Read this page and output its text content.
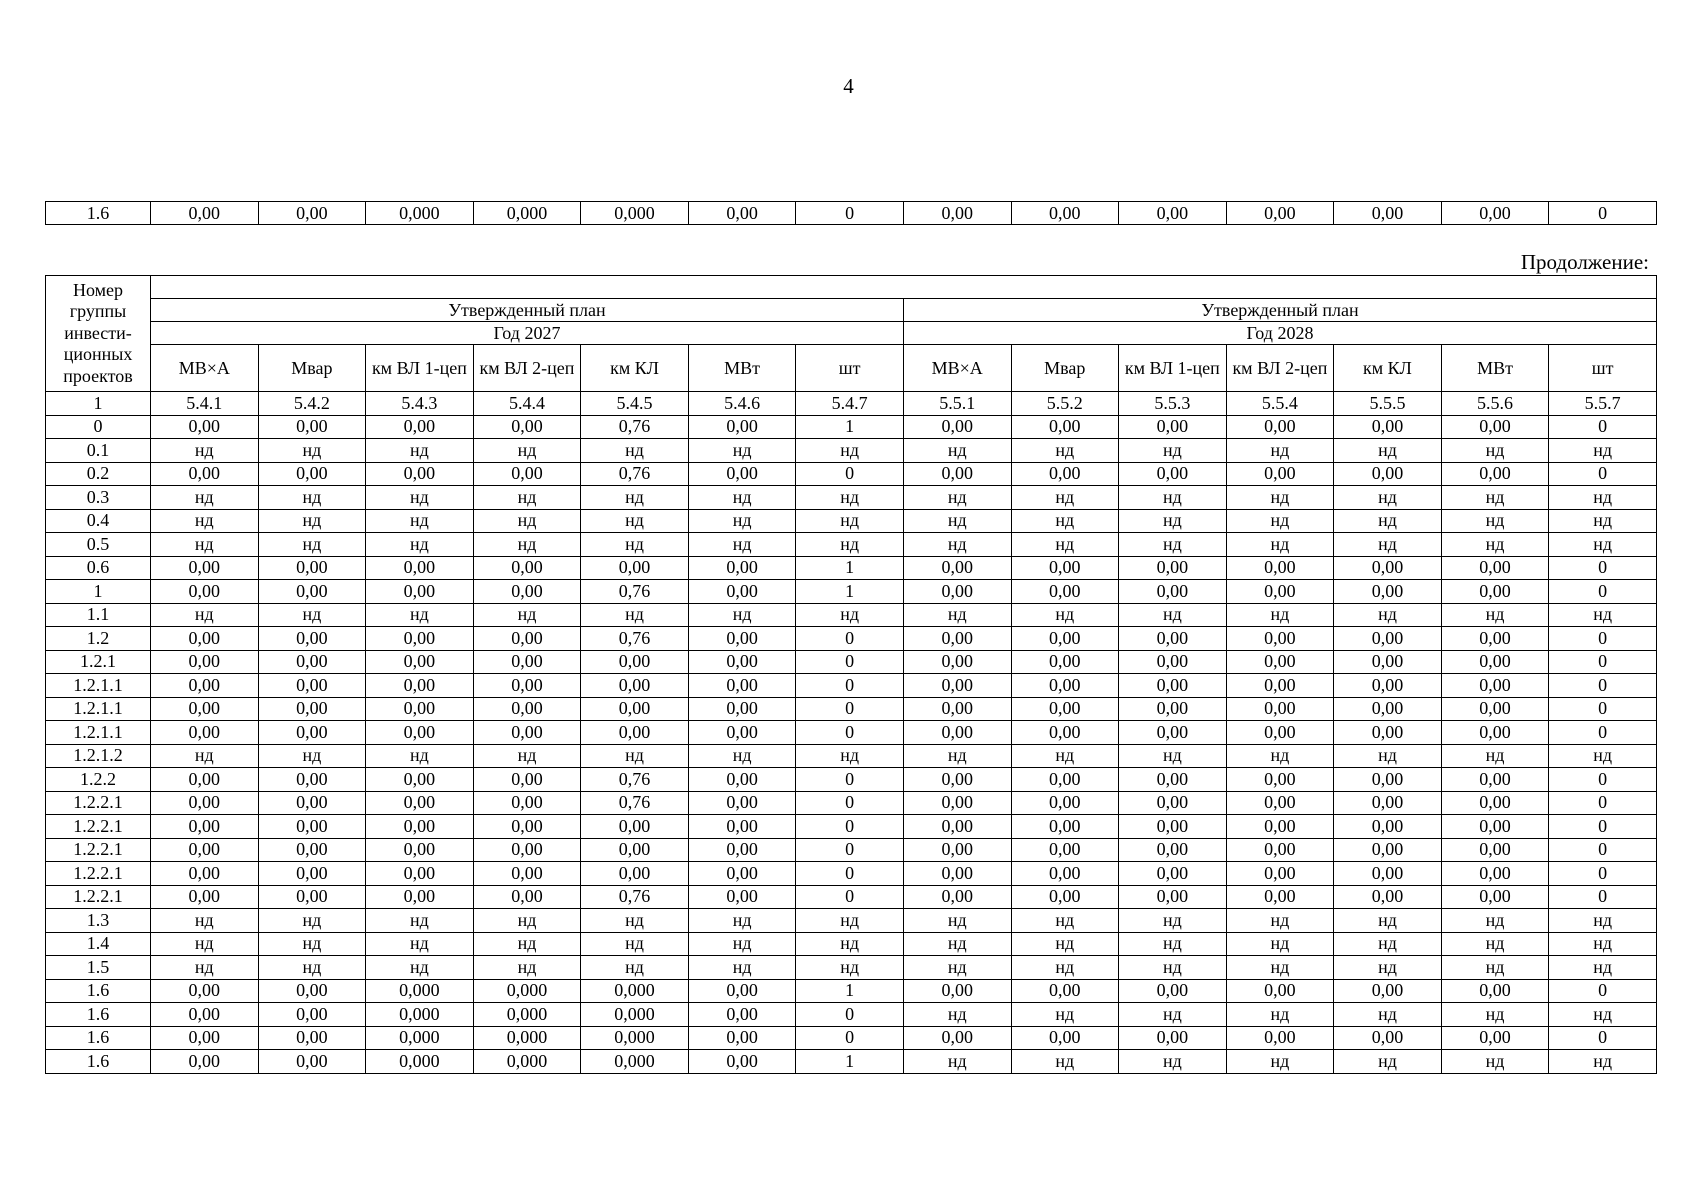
4
1.6	0,00	0,00	0,000	0,000	0,000	0,00	0	0,00	0,00	0,00	0,00	0,00	0,00	0
Продолжение:
Номер группы инвести-ционных проектов														
	Утвержденный план							Утвержденный план						
	Год 2027							Год 2028						
	МВ×А	Мвар	км ВЛ 1-цеп	км ВЛ 2-цеп	км КЛ	МВт	шт	МВ×А	Мвар	км ВЛ 1-цеп	км ВЛ 2-цеп	км КЛ	МВт	шт
1	5.4.1	5.4.2	5.4.3	5.4.4	5.4.5	5.4.6	5.4.7	5.5.1	5.5.2	5.5.3	5.5.4	5.5.5	5.5.6	5.5.7
0	0,00	0,00	0,00	0,00	0,76	0,00	1	0,00	0,00	0,00	0,00	0,00	0,00	0
0.1	нд	нд	нд	нд	нд	нд	нд	нд	нд	нд	нд	нд	нд	нд
0.2	0,00	0,00	0,00	0,00	0,76	0,00	0	0,00	0,00	0,00	0,00	0,00	0,00	0
0.3	нд	нд	нд	нд	нд	нд	нд	нд	нд	нд	нд	нд	нд	нд
0.4	нд	нд	нд	нд	нд	нд	нд	нд	нд	нд	нд	нд	нд	нд
0.5	нд	нд	нд	нд	нд	нд	нд	нд	нд	нд	нд	нд	нд	нд
0.6	0,00	0,00	0,00	0,00	0,00	0,00	1	0,00	0,00	0,00	0,00	0,00	0,00	0
1	0,00	0,00	0,00	0,00	0,76	0,00	1	0,00	0,00	0,00	0,00	0,00	0,00	0
1.1	нд	нд	нд	нд	нд	нд	нд	нд	нд	нд	нд	нд	нд	нд
1.2	0,00	0,00	0,00	0,00	0,76	0,00	0	0,00	0,00	0,00	0,00	0,00	0,00	0
1.2.1	0,00	0,00	0,00	0,00	0,00	0,00	0	0,00	0,00	0,00	0,00	0,00	0,00	0
1.2.1.1	0,00	0,00	0,00	0,00	0,00	0,00	0	0,00	0,00	0,00	0,00	0,00	0,00	0
1.2.1.1	0,00	0,00	0,00	0,00	0,00	0,00	0	0,00	0,00	0,00	0,00	0,00	0,00	0
1.2.1.1	0,00	0,00	0,00	0,00	0,00	0,00	0	0,00	0,00	0,00	0,00	0,00	0,00	0
1.2.1.2	нд	нд	нд	нд	нд	нд	нд	нд	нд	нд	нд	нд	нд	нд
1.2.2	0,00	0,00	0,00	0,00	0,76	0,00	0	0,00	0,00	0,00	0,00	0,00	0,00	0
1.2.2.1	0,00	0,00	0,00	0,00	0,76	0,00	0	0,00	0,00	0,00	0,00	0,00	0,00	0
1.2.2.1	0,00	0,00	0,00	0,00	0,00	0,00	0	0,00	0,00	0,00	0,00	0,00	0,00	0
1.2.2.1	0,00	0,00	0,00	0,00	0,00	0,00	0	0,00	0,00	0,00	0,00	0,00	0,00	0
1.2.2.1	0,00	0,00	0,00	0,00	0,00	0,00	0	0,00	0,00	0,00	0,00	0,00	0,00	0
1.2.2.1	0,00	0,00	0,00	0,00	0,76	0,00	0	0,00	0,00	0,00	0,00	0,00	0,00	0
1.3	нд	нд	нд	нд	нд	нд	нд	нд	нд	нд	нд	нд	нд	нд
1.4	нд	нд	нд	нд	нд	нд	нд	нд	нд	нд	нд	нд	нд	нд
1.5	нд	нд	нд	нд	нд	нд	нд	нд	нд	нд	нд	нд	нд	нд
1.6	0,00	0,00	0,000	0,000	0,000	0,00	1	0,00	0,00	0,00	0,00	0,00	0,00	0
1.6	0,00	0,00	0,000	0,000	0,000	0,00	0	нд	нд	нд	нд	нд	нд	нд
1.6	0,00	0,00	0,000	0,000	0,000	0,00	0	0,00	0,00	0,00	0,00	0,00	0,00	0
1.6	0,00	0,00	0,000	0,000	0,000	0,00	1	нд	нд	нд	нд	нд	нд	нд
